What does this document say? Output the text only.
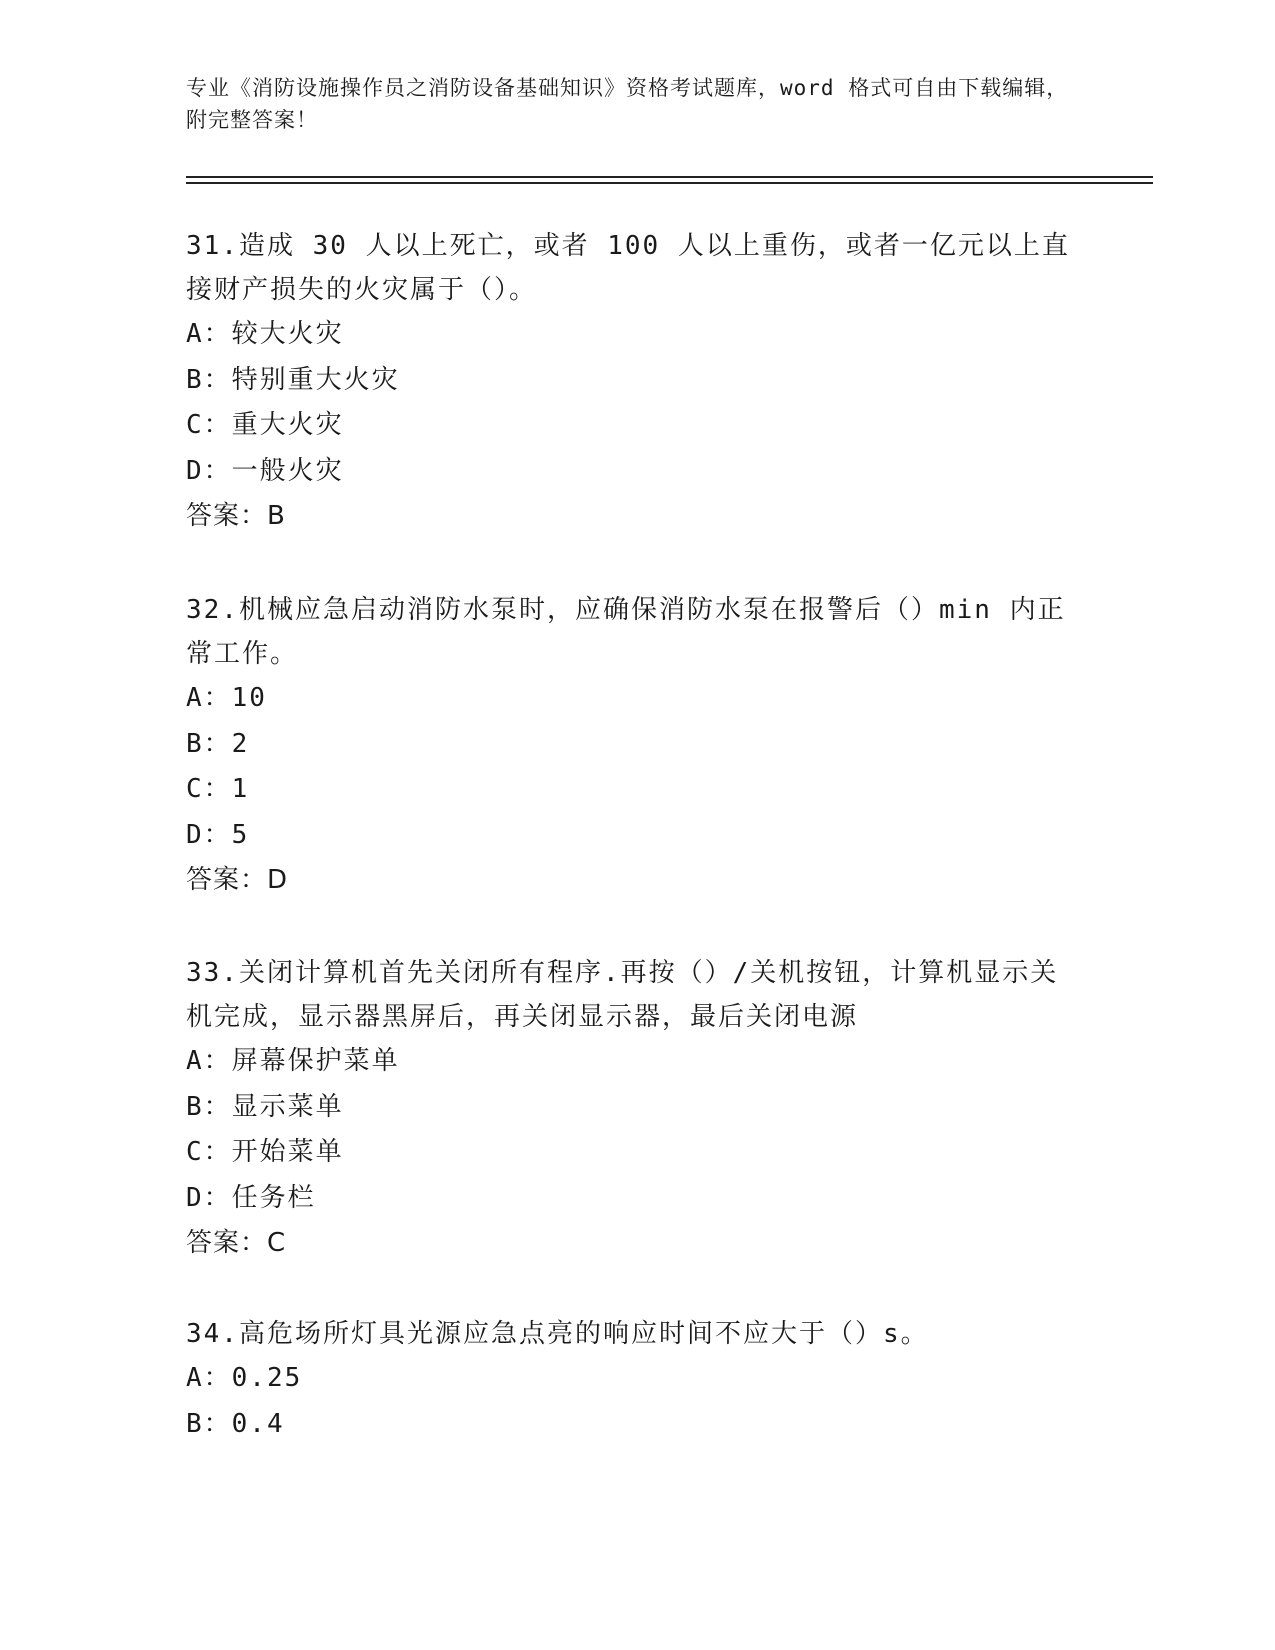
专业《消防设施操作员之消防设备基础知识》资格考试题库，word 格式可自由下载编辑，附完整答案！
31.造成 30 人以上死亡，或者 100 人以上重伤，或者一亿元以上直接财产损失的火灾属于（）。
A：较大火灾
B：特别重大火灾
C：重大火灾
D：一般火灾
答案：B
32.机械应急启动消防水泵时，应确保消防水泵在报警后（）min 内正常工作。
A：10
B：2
C：1
D：5
答案：D
33.关闭计算机首先关闭所有程序.再按（）/关机按钮，计算机显示关机完成，显示器黑屏后，再关闭显示器，最后关闭电源
A：屏幕保护菜单
B：显示菜单
C：开始菜单
D：任务栏
答案：C
34.高危场所灯具光源应急点亮的响应时间不应大于（）s。
A：0.25
B：0.4
